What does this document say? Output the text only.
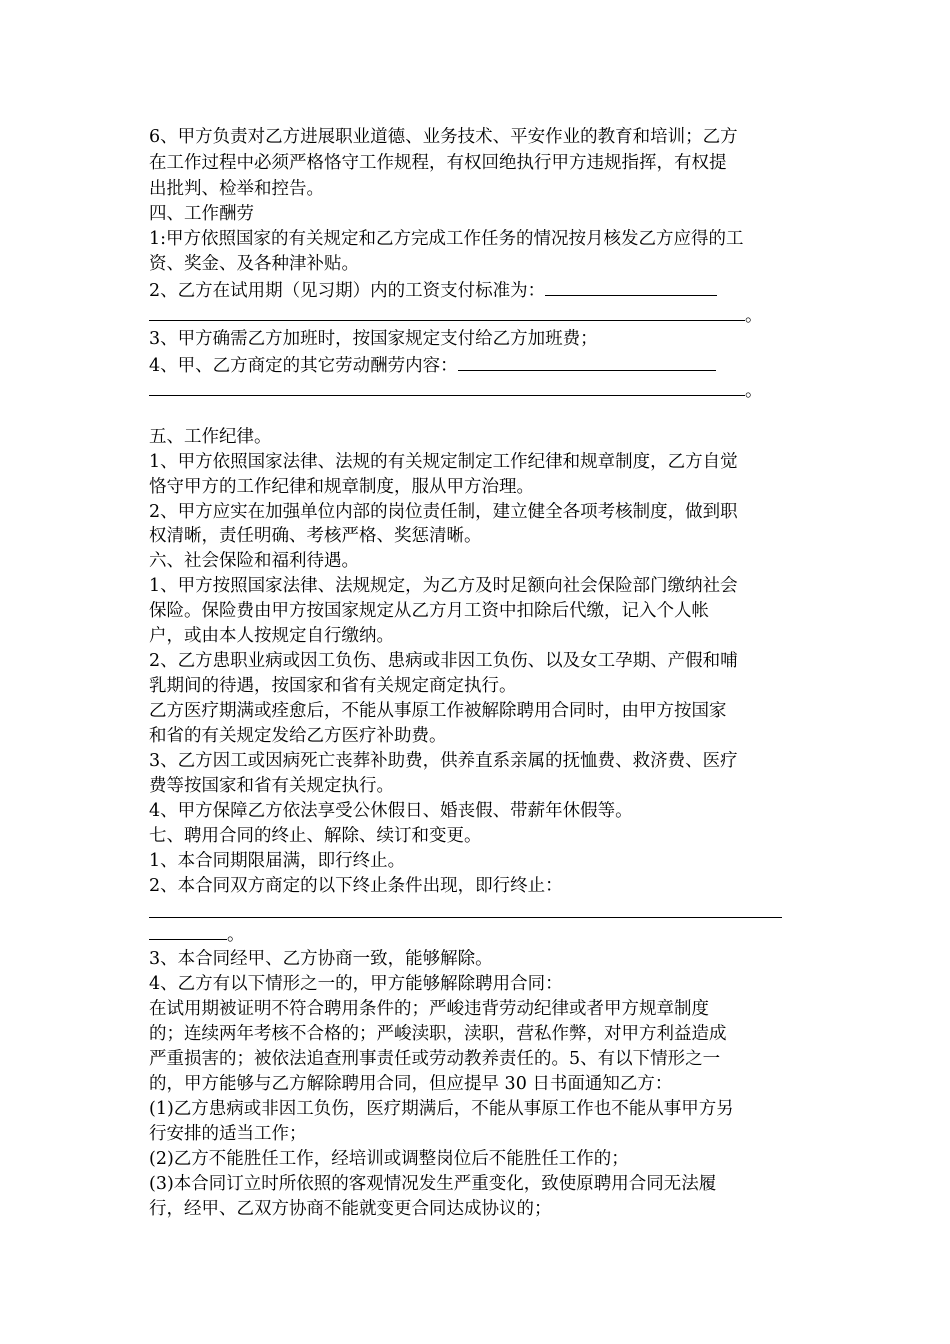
6、甲方负责对乙方进展职业道德、业务技术、平安作业的教育和培训；乙方
在工作过程中必须严格恪守工作规程，有权回绝执行甲方违规指挥，有权提
出批判、检举和控告。
四、工作酬劳
1:甲方依照国家的有关规定和乙方完成工作任务的情况按月核发乙方应得的工
资、奖金、及各种津补贴。
2、乙方在试用期（见习期）内的工资支付标准为：
。
3、甲方确需乙方加班时，按国家规定支付给乙方加班费；
4、甲、乙方商定的其它劳动酬劳内容：
。
五、工作纪律。
1、甲方依照国家法律、法规的有关规定制定工作纪律和规章制度，乙方自觉
恪守甲方的工作纪律和规章制度，服从甲方治理。
2、甲方应实在加强单位内部的岗位责任制，建立健全各项考核制度，做到职
权清晰，责任明确、考核严格、奖惩清晰。
六、社会保险和福利待遇。
1、甲方按照国家法律、法规规定，为乙方及时足额向社会保险部门缴纳社会
保险。保险费由甲方按国家规定从乙方月工资中扣除后代缴，记入个人帐
户，或由本人按规定自行缴纳。
2、乙方患职业病或因工负伤、患病或非因工负伤、以及女工孕期、产假和哺
乳期间的待遇，按国家和省有关规定商定执行。
乙方医疗期满或痊愈后，不能从事原工作被解除聘用合同时，由甲方按国家
和省的有关规定发给乙方医疗补助费。
3、乙方因工或因病死亡丧葬补助费，供养直系亲属的抚恤费、救济费、医疗
费等按国家和省有关规定执行。
4、甲方保障乙方依法享受公休假日、婚丧假、带薪年休假等。
七、聘用合同的终止、解除、续订和变更。
1、本合同期限届满，即行终止。
2、本合同双方商定的以下终止条件出现，即行终止：
。
3、本合同经甲、乙方协商一致，能够解除。
4、乙方有以下情形之一的，甲方能够解除聘用合同：
在试用期被证明不符合聘用条件的；严峻违背劳动纪律或者甲方规章制度
的；连续两年考核不合格的；严峻渎职，渎职，营私作弊，对甲方利益造成
严重损害的；被依法追查刑事责任或劳动教养责任的。5、有以下情形之一
的，甲方能够与乙方解除聘用合同，但应提早 30 日书面通知乙方：
(1)乙方患病或非因工负伤，医疗期满后，不能从事原工作也不能从事甲方另
行安排的适当工作；
(2)乙方不能胜任工作，经培训或调整岗位后不能胜任工作的；
(3)本合同订立时所依照的客观情况发生严重变化，致使原聘用合同无法履
行，经甲、乙双方协商不能就变更合同达成协议的；
